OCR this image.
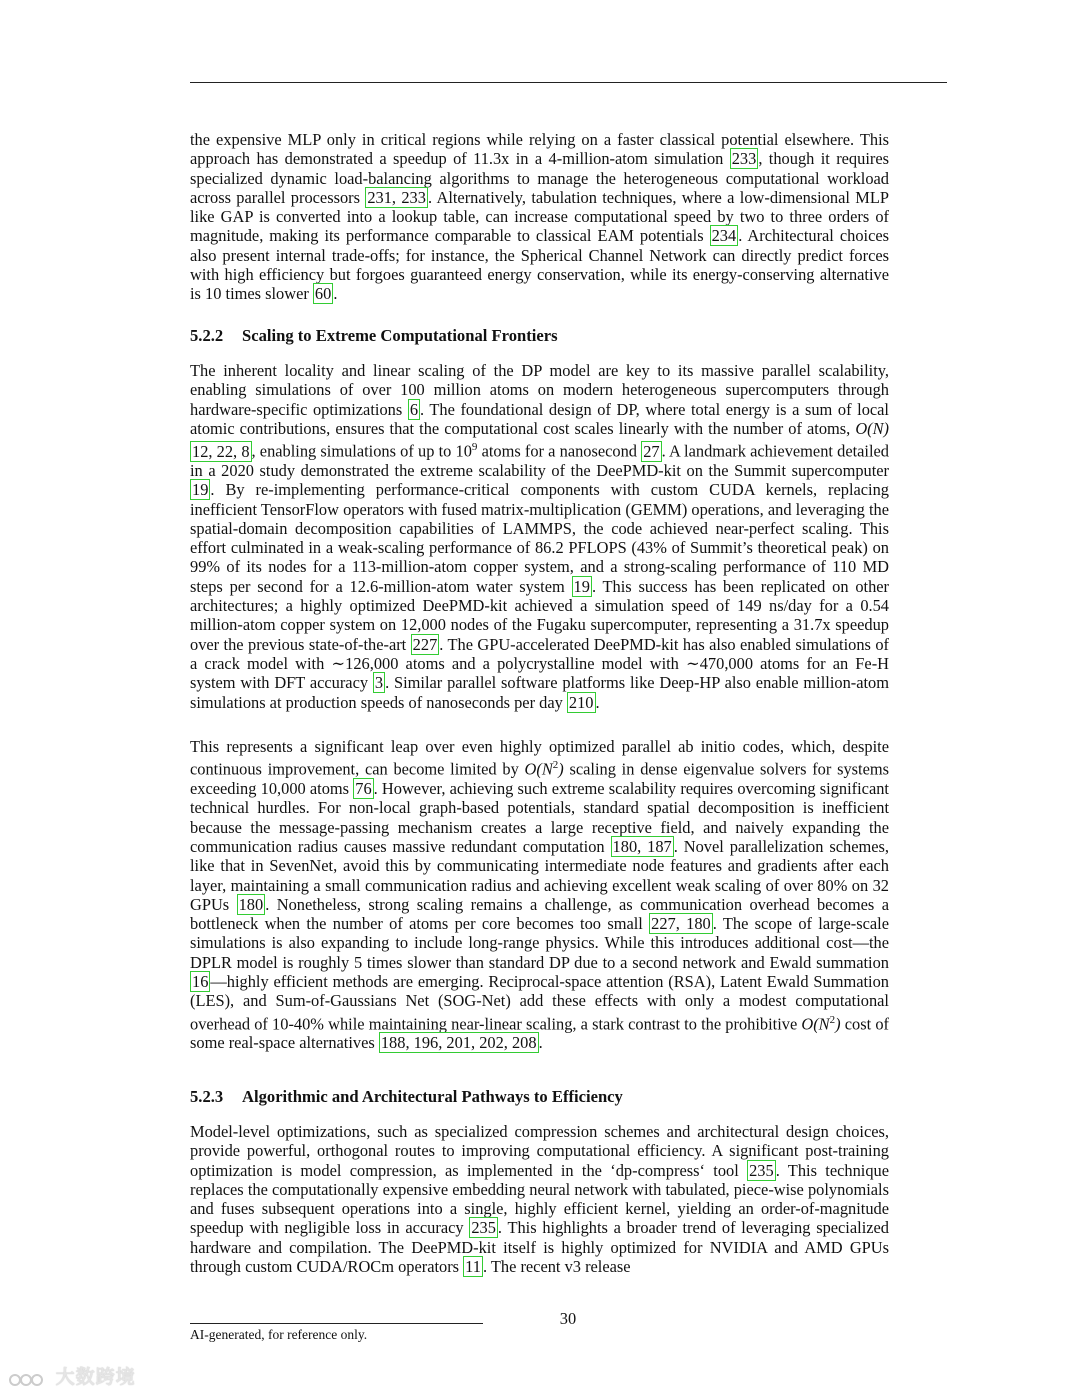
the expensive MLP only in critical regions while relying on a faster classical potential elsewhere. This approach has demonstrated a speedup of 11.3x in a 4-million-atom simulation 233 , though it requires specialized dynamic load-balancing algorithms to manage the heterogeneous computational workload across parallel processors 231, 233 . Alternatively, tabulation techniques, where a low-dimensional MLP like GAP is converted into a lookup table, can increase computational speed by two to three orders of magnitude, making its performance comparable to classical EAM potentials 234 . Architectural choices also present internal trade-offs; for instance, the Spherical Channel Network can directly predict forces with high efficiency but forgoes guaranteed energy conservation, while its energy-conserving alternative is 10 times slower 60 .

5.2.2 Scaling to Extreme Computational Frontiers

The inherent locality and linear scaling of the DP model are key to its massive parallel scalability, enabling simulations of over 100 million atoms on modern heterogeneous supercomputers through hardware-specific optimizations 6 . The foundational design of DP, where total energy is a sum of local atomic contributions, ensures that the computational cost scales linearly with the number of atoms, O(N) 12, 22, 8 , enabling simulations of up to $10^9$ atoms for a nanosecond 27 . A landmark achievement detailed in a 2020 study demonstrated the extreme scalability of the DeePMD-kit on the Summit supercomputer 19 . By re-implementing performance-critical components with custom CUDA kernels, replacing inefficient TensorFlow operators with fused matrix-multiplication (GEMM) operations, and leveraging the spatial-domain decomposition capabilities of LAMMPS, the code achieved near-perfect scaling. This effort culminated in a weak-scaling performance of 86.2 PFLOPS (43% of Summit’s theoretical peak) on 99% of its nodes for a 113-million-atom copper system, and a strong-scaling performance of 110 MD steps per second for a 12.6-million-atom water system 19 . This success has been replicated on other architectures; a highly optimized DeePMD-kit achieved a simulation speed of 149 ns/day for a 0.54 million-atom copper system on 12,000 nodes of the Fugaku supercomputer, representing a 31.7x speedup over the previous state-of-the-art 227 . The GPU-accelerated DeePMD-kit has also enabled simulations of a crack model with ∼126,000 atoms and a polycrystalline model with ∼470,000 atoms for an Fe-H system with DFT accuracy 3 . Similar parallel software platforms like Deep-HP also enable million-atom simulations at production speeds of nanoseconds per day 210 .

This represents a significant leap over even highly optimized parallel ab initio codes, which, despite continuous improvement, can become limited by $O(N^2)$ scaling in dense eigenvalue solvers for systems exceeding 10,000 atoms 76 . However, achieving such extreme scalability requires overcoming significant technical hurdles. For non-local graph-based potentials, standard spatial decomposition is inefficient because the message-passing mechanism creates a large receptive field, and naively expanding the communication radius causes massive redundant computation 180, 187 . Novel parallelization schemes, like that in SevenNet, avoid this by communicating intermediate node features and gradients after each layer, maintaining a small communication radius and achieving excellent weak scaling of over 80% on 32 GPUs 180 . Nonetheless, strong scaling remains a challenge, as communication overhead becomes a bottleneck when the number of atoms per core becomes too small 227, 180 . The scope of large-scale simulations is also expanding to include long-range physics. While this introduces additional cost—the DPLR model is roughly 5 times slower than standard DP due to a second network and Ewald summation 16 —highly efficient methods are emerging. Reciprocal-space attention (RSA), Latent Ewald Summation (LES), and Sum-of-Gaussians Net (SOG-Net) add these effects with only a modest computational overhead of 10-40% while maintaining near-linear scaling, a stark contrast to the prohibitive $O(N^2)$ cost of some real-space alternatives 188, 196, 201, 202, 208 .

5.2.3 Algorithmic and Architectural Pathways to Efficiency

Model-level optimizations, such as specialized compression schemes and architectural design choices, provide powerful, orthogonal routes to improving computational efficiency. A significant post-training optimization is model compression, as implemented in the ‘dp-compress‘ tool 235 . This technique replaces the computationally expensive embedding neural network with tabulated, piece-wise polynomials and fuses subsequent operations into a single, highly efficient kernel, yielding an order-of-magnitude speedup with negligible loss in accuracy 235 . This highlights a broader trend of leveraging specialized hardware and compilation. The DeePMD-kit itself is highly optimized for NVIDIA and AMD GPUs through custom CUDA/ROCm operators 11 . The recent v3 release

30
AI-generated, for reference only.
大数跨境
